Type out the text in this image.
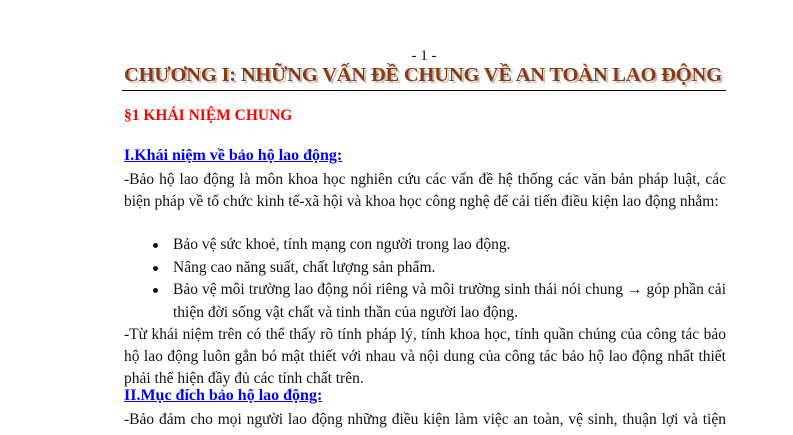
- 1 -
CHƯƠNG I: NHỮNG VẤN ĐỀ CHUNG VỀ AN TOÀN LAO ĐỘNG
§1 KHÁI NIỆM CHUNG
I.Khái niệm về bảo hộ lao động:
-Bảo hộ lao động là môn khoa học nghiên cứu các vấn đề hệ thống các văn bản pháp luật, các biện pháp về tổ chức kinh tế-xã hội và khoa học công nghệ để cải tiến điều kiện lao động nhằm:
Bảo vệ sức khoẻ, tính mạng con người trong lao động.
Nâng cao năng suất, chất lượng sản phẩm.
Bảo vệ môi trường lao động nói riêng và môi trường sinh thái nói chung → góp phần cải thiện đời sống vật chất và tinh thần của người lao động.
-Từ khái niệm trên có thể thấy rõ tính pháp lý, tính khoa học, tính quần chúng của công tác bảo hộ lao động luôn gắn bó mật thiết với nhau và nội dung của công tác bảo hộ lao động nhất thiết phải thể hiện đầy đủ các tính chất trên.
II.Mục đích bảo hộ lao động:
-Bảo đảm cho mọi người lao động những điều kiện làm việc an toàn, vệ sinh, thuận lợi và tiện
